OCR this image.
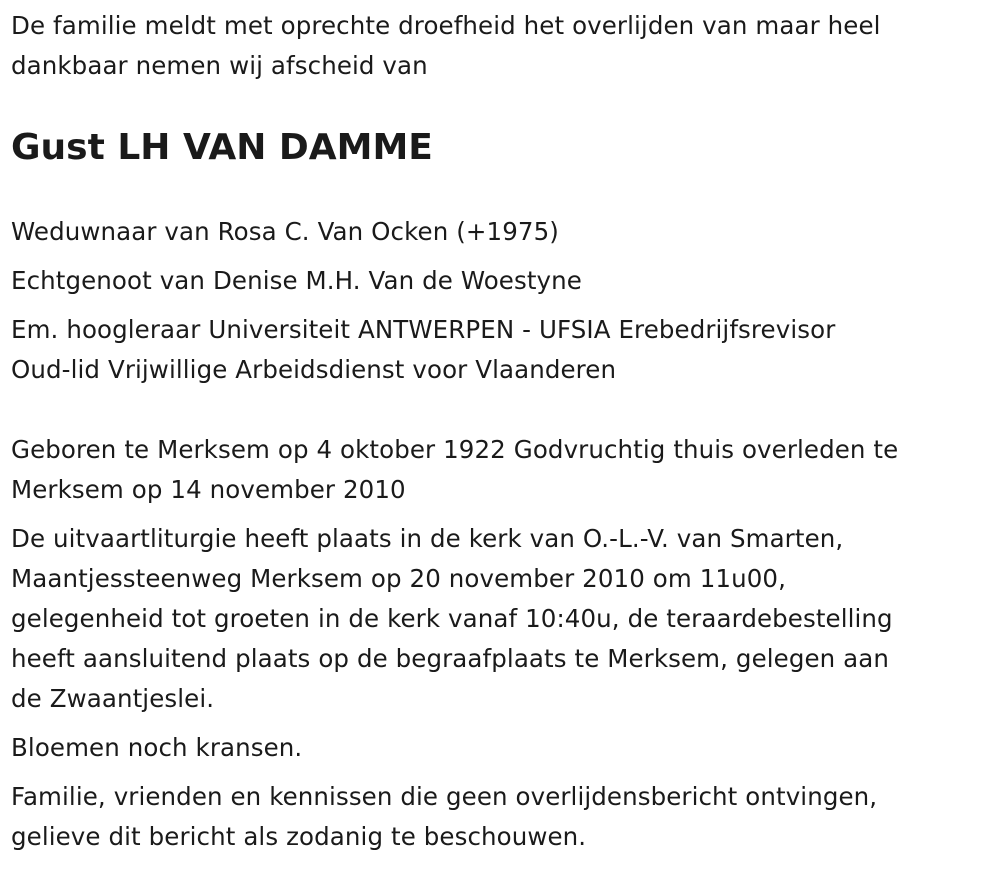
De familie meldt met oprechte droefheid het overlijden van maar heel
dankbaar nemen wij afscheid van

Gust LH VAN DAMME

Weduwnaar van Rosa C. Van Ocken (+1975)

Echtgenoot van Denise M.H. Van de Woestyne

Em. hoogleraar Universiteit ANTWERPEN - UFSIA Erebedrijfsrevisor
Oud-lid Vrijwillige Arbeidsdienst voor Vlaanderen

Geboren te Merksem op 4 oktober 1922 Godvruchtig thuis overleden te
Merksem op 14 november 2010

De uitvaartliturgie heeft plaats in de kerk van O.-L.-V. van Smarten,
Maantjessteenweg Merksem op 20 november 2010 om 11u00,
gelegenheid tot groeten in de kerk vanaf 10:40u, de teraardebestelling
heeft aansluitend plaats op de begraafplaats te Merksem, gelegen aan
de Zwaantjeslei.

Bloemen noch kransen.

Familie, vrienden en kennissen die geen overlijdensbericht ontvingen,
gelieve dit bericht als zodanig te beschouwen.
